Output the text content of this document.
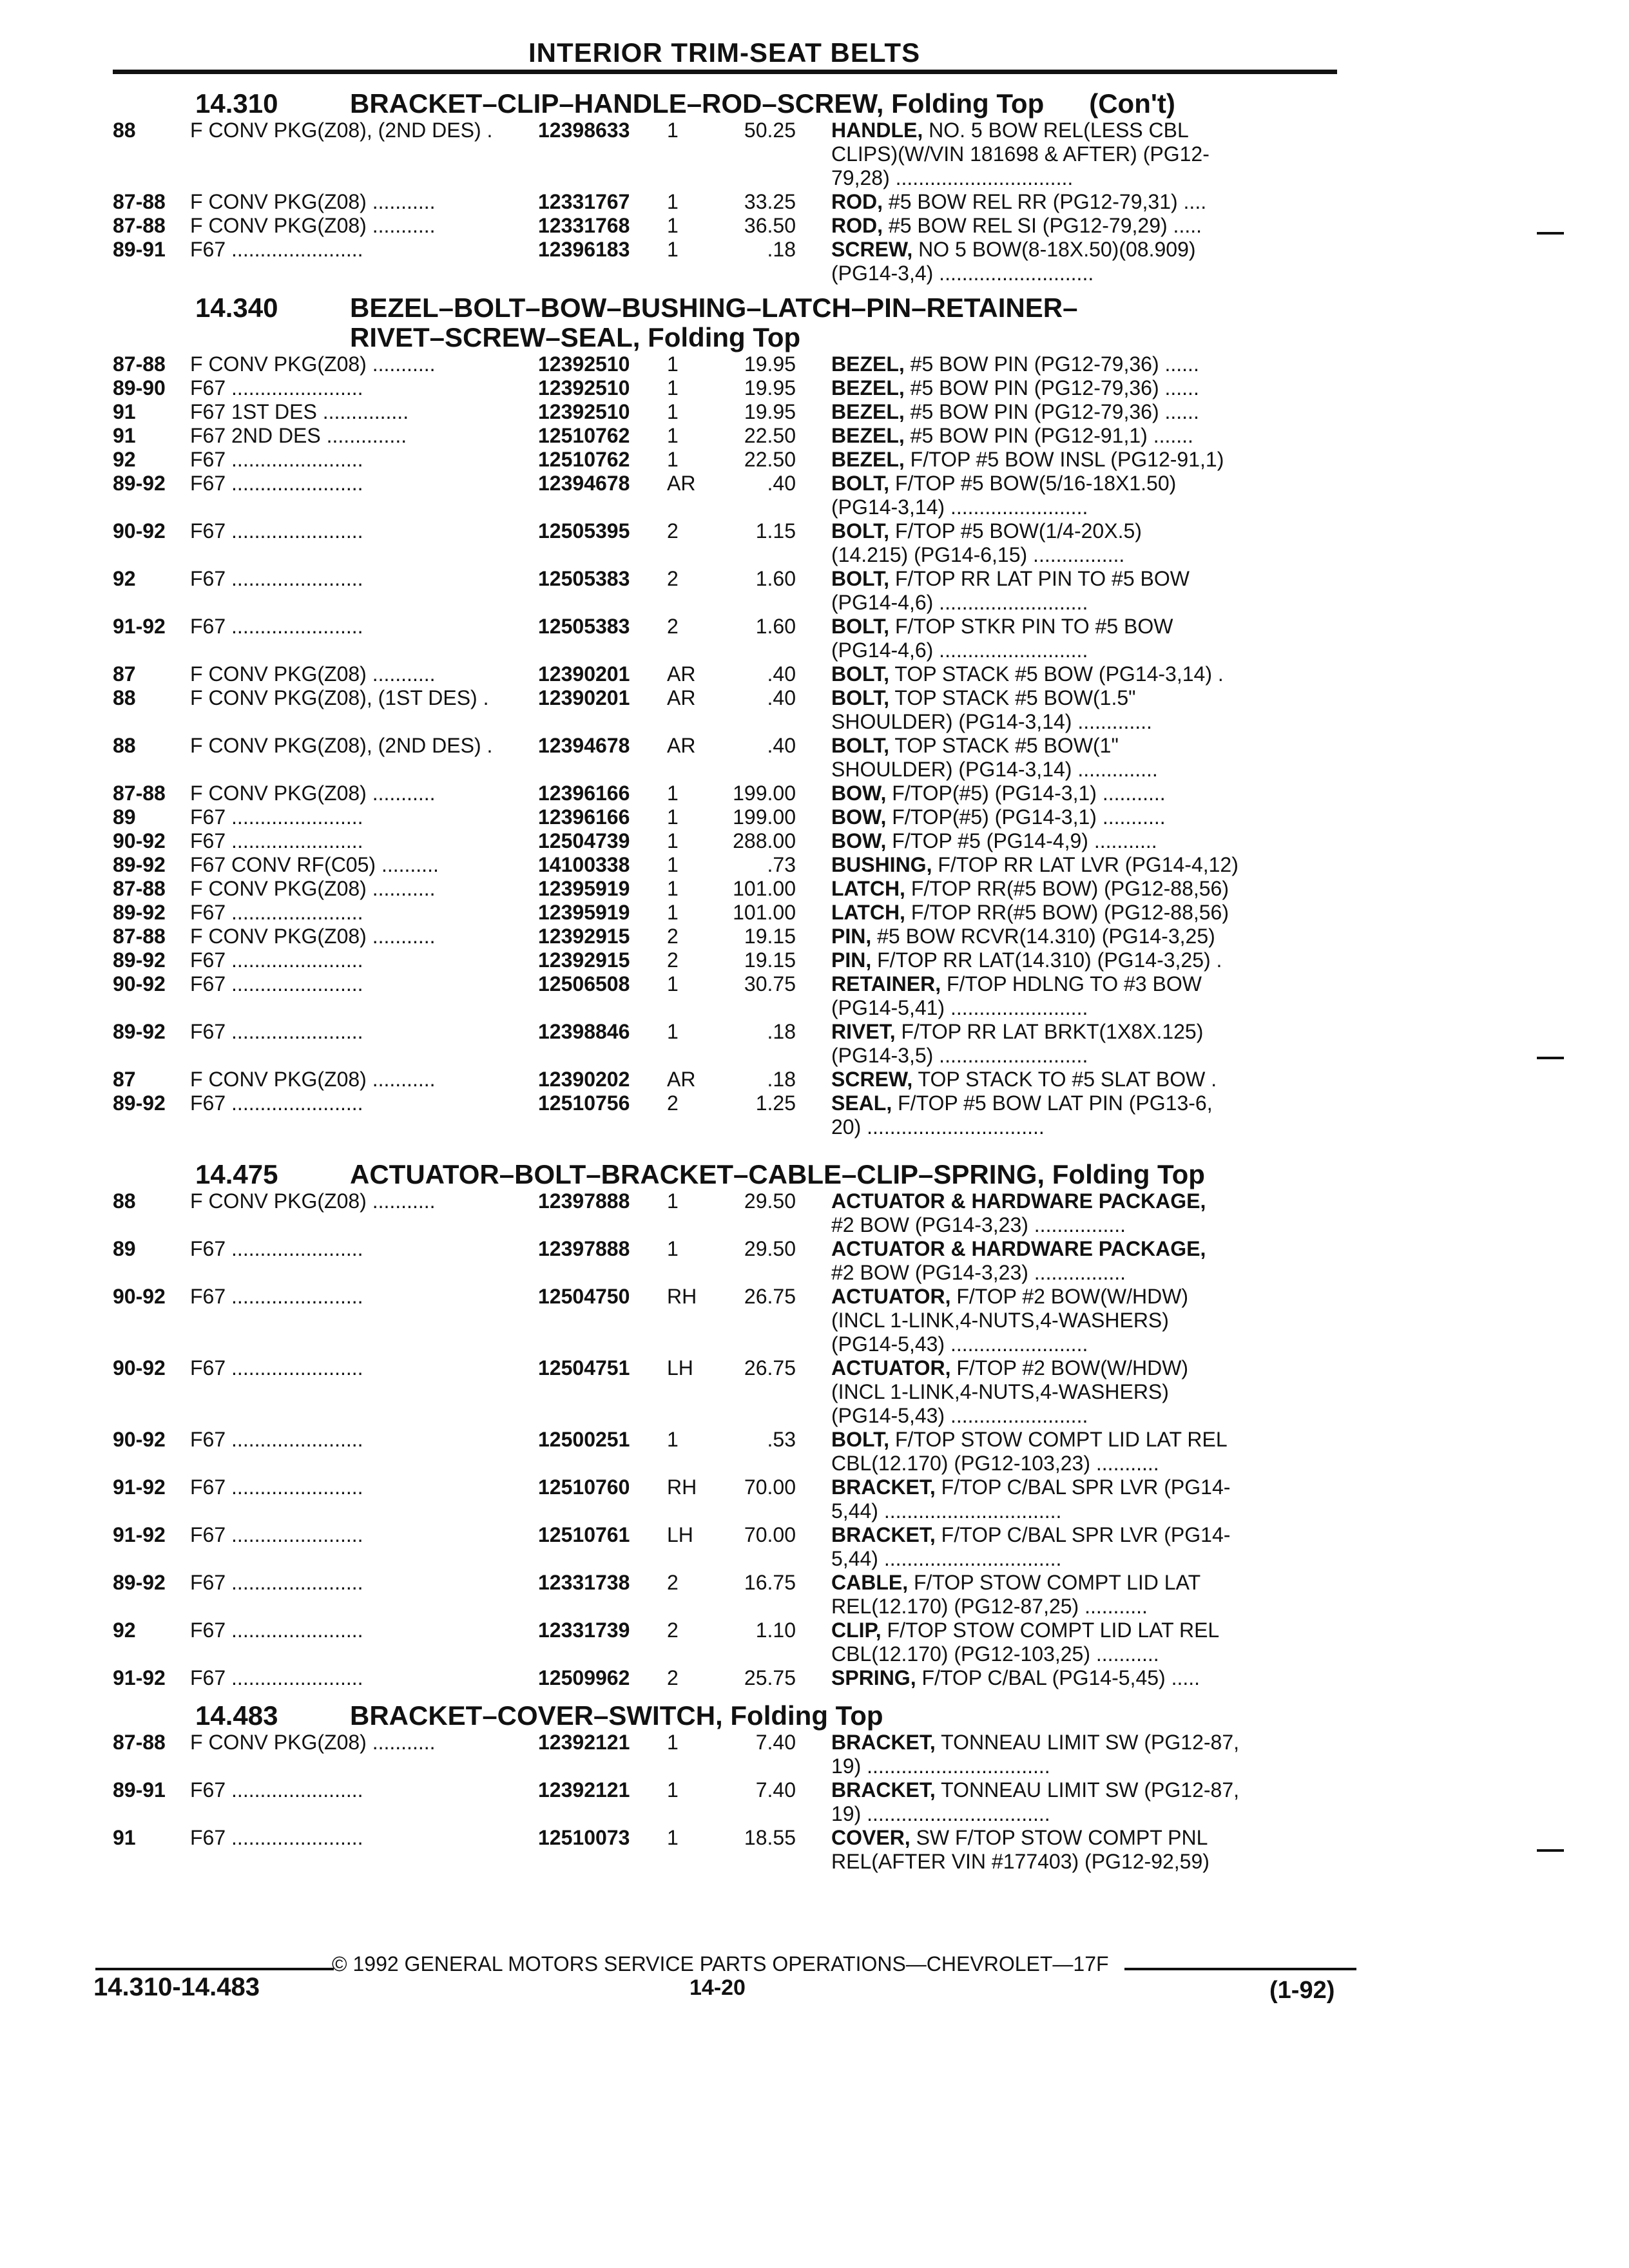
INTERIOR TRIM-SEAT BELTS
14.310	BRACKET–CLIP–HANDLE–ROD–SCREW, Folding Top (Con't)
88	F CONV PKG(Z08), (2ND DES) .	12398633	1	50.25	HANDLE, NO. 5 BOW REL(LESS CBL
CLIPS)(W/VIN 181698 & AFTER) (PG12-
79,28) ...............................
87-88	F CONV PKG(Z08) ...........	12331767	1	33.25	ROD, #5 BOW REL RR (PG12-79,31) ....
87-88	F CONV PKG(Z08) ...........	12331768	1	36.50	ROD, #5 BOW REL SI (PG12-79,29) .....
89-91	F67 .......................	12396183	1	.18	SCREW, NO 5 BOW(8-18X.50)(08.909)
(PG14-3,4) ...........................
14.340	BEZEL–BOLT–BOW–BUSHING–LATCH–PIN–RETAINER–
RIVET–SCREW–SEAL, Folding Top
87-88	F CONV PKG(Z08) ...........	12392510	1	19.95	BEZEL, #5 BOW PIN (PG12-79,36) ......
89-90	F67 .......................	12392510	1	19.95	BEZEL, #5 BOW PIN (PG12-79,36) ......
91	F67 1ST DES ...............	12392510	1	19.95	BEZEL, #5 BOW PIN (PG12-79,36) ......
91	F67 2ND DES ..............	12510762	1	22.50	BEZEL, #5 BOW PIN (PG12-91,1) .......
92	F67 .......................	12510762	1	22.50	BEZEL, F/TOP #5 BOW INSL (PG12-91,1)
89-92	F67 .......................	12394678	AR	.40	BOLT, F/TOP #5 BOW(5/16-18X1.50)
(PG14-3,14) ........................
90-92	F67 .......................	12505395	2	1.15	BOLT, F/TOP #5 BOW(1/4-20X.5)
(14.215) (PG14-6,15) ................
92	F67 .......................	12505383	2	1.60	BOLT, F/TOP RR LAT PIN TO #5 BOW
(PG14-4,6) ..........................
91-92	F67 .......................	12505383	2	1.60	BOLT, F/TOP STKR PIN TO #5 BOW
(PG14-4,6) ..........................
87	F CONV PKG(Z08) ...........	12390201	AR	.40	BOLT, TOP STACK #5 BOW (PG14-3,14) .
88	F CONV PKG(Z08), (1ST DES) .	12390201	AR	.40	BOLT, TOP STACK #5 BOW(1.5"
SHOULDER) (PG14-3,14) .............
88	F CONV PKG(Z08), (2ND DES) .	12394678	AR	.40	BOLT, TOP STACK #5 BOW(1"
SHOULDER) (PG14-3,14) ..............
87-88	F CONV PKG(Z08) ...........	12396166	1	199.00	BOW, F/TOP(#5) (PG14-3,1) ...........
89	F67 .......................	12396166	1	199.00	BOW, F/TOP(#5) (PG14-3,1) ...........
90-92	F67 .......................	12504739	1	288.00	BOW, F/TOP #5 (PG14-4,9) ...........
89-92	F67 CONV RF(C05) ..........	14100338	1	.73	BUSHING, F/TOP RR LAT LVR (PG14-4,12)
87-88	F CONV PKG(Z08) ...........	12395919	1	101.00	LATCH, F/TOP RR(#5 BOW) (PG12-88,56)
89-92	F67 .......................	12395919	1	101.00	LATCH, F/TOP RR(#5 BOW) (PG12-88,56)
87-88	F CONV PKG(Z08) ...........	12392915	2	19.15	PIN, #5 BOW RCVR(14.310) (PG14-3,25)
89-92	F67 .......................	12392915	2	19.15	PIN, F/TOP RR LAT(14.310) (PG14-3,25) .
90-92	F67 .......................	12506508	1	30.75	RETAINER, F/TOP HDLNG TO #3 BOW
(PG14-5,41) ........................
89-92	F67 .......................	12398846	1	.18	RIVET, F/TOP RR LAT BRKT(1X8X.125)
(PG14-3,5) ..........................
87	F CONV PKG(Z08) ...........	12390202	AR	.18	SCREW, TOP STACK TO #5 SLAT BOW .
89-92	F67 .......................	12510756	2	1.25	SEAL, F/TOP #5 BOW LAT PIN (PG13-6,
20) ...............................
14.475	ACTUATOR–BOLT–BRACKET–CABLE–CLIP–SPRING, Folding Top
88	F CONV PKG(Z08) ...........	12397888	1	29.50	ACTUATOR & HARDWARE PACKAGE,
#2 BOW (PG14-3,23) ................
89	F67 .......................	12397888	1	29.50	ACTUATOR & HARDWARE PACKAGE,
#2 BOW (PG14-3,23) ................
90-92	F67 .......................	12504750	RH	26.75	ACTUATOR, F/TOP #2 BOW(W/HDW)
(INCL 1-LINK,4-NUTS,4-WASHERS)
(PG14-5,43) ........................
90-92	F67 .......................	12504751	LH	26.75	ACTUATOR, F/TOP #2 BOW(W/HDW)
(INCL 1-LINK,4-NUTS,4-WASHERS)
(PG14-5,43) ........................
90-92	F67 .......................	12500251	1	.53	BOLT, F/TOP STOW COMPT LID LAT REL
CBL(12.170) (PG12-103,23) ...........
91-92	F67 .......................	12510760	RH	70.00	BRACKET, F/TOP C/BAL SPR LVR (PG14-
5,44) ...............................
91-92	F67 .......................	12510761	LH	70.00	BRACKET, F/TOP C/BAL SPR LVR (PG14-
5,44) ...............................
89-92	F67 .......................	12331738	2	16.75	CABLE, F/TOP STOW COMPT LID LAT
REL(12.170) (PG12-87,25) ...........
92	F67 .......................	12331739	2	1.10	CLIP, F/TOP STOW COMPT LID LAT REL
CBL(12.170) (PG12-103,25) ...........
91-92	F67 .......................	12509962	2	25.75	SPRING, F/TOP C/BAL (PG14-5,45) .....
14.483	BRACKET–COVER–SWITCH, Folding Top
87-88	F CONV PKG(Z08) ...........	12392121	1	7.40	BRACKET, TONNEAU LIMIT SW (PG12-87,
19) ................................
89-91	F67 .......................	12392121	1	7.40	BRACKET, TONNEAU LIMIT SW (PG12-87,
19) ................................
91	F67 .......................	12510073	1	18.55	COVER, SW F/TOP STOW COMPT PNL
REL(AFTER VIN #177403) (PG12-92,59)
© 1992 GENERAL MOTORS SERVICE PARTS OPERATIONS—CHEVROLET—17F
14.310-14.483	14-20	(1-92)
